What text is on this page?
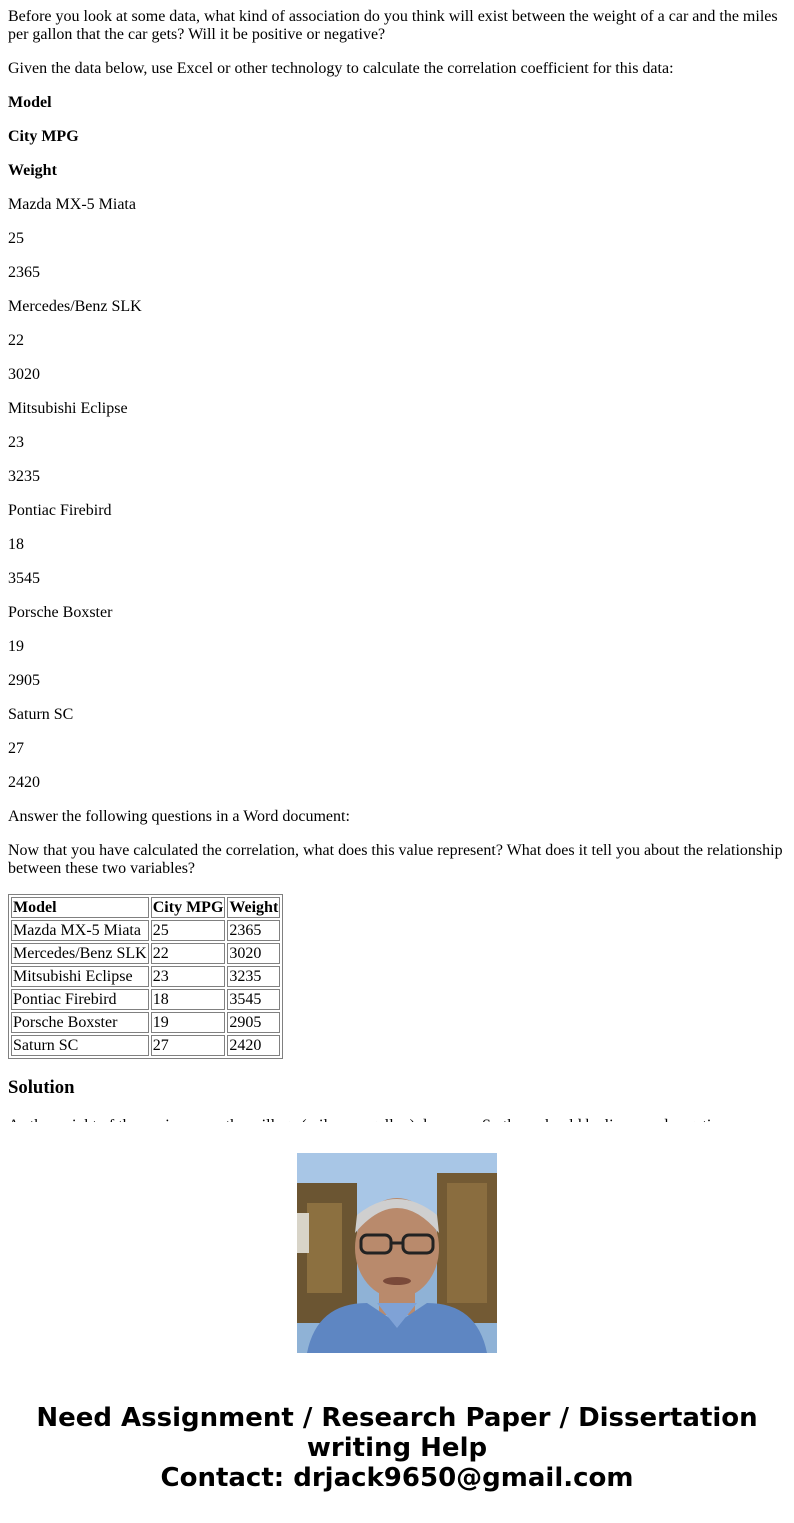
Before you look at some data, what kind of association do you think will exist between the weight of a car and the miles per gallon that the car gets? Will it be positive or negative?

Given the data below, use Excel or other technology to calculate the correlation coefficient for this data:

Model

City MPG

Weight

Mazda MX-5 Miata

25

2365

Mercedes/Benz SLK

22

3020

Mitsubishi Eclipse

23

3235

Pontiac Firebird

18

3545

Porsche Boxster

19

2905

Saturn SC

27

2420

Answer the following questions in a Word document:

Now that you have calculated the correlation, what does this value represent? What does it tell you about the relationship between these two variables?

Model	City MPG	Weight
Mazda MX-5 Miata	25	2365
Mercedes/Benz SLK	22	3020
Mitsubishi Eclipse	23	3235
Pontiac Firebird	18	3545
Porsche Boxster	19	2905
Saturn SC	27	2420
Solution

Need Assignment / Research Paper / Dissertation
writing Help
Contact: drjack9650@gmail.com
